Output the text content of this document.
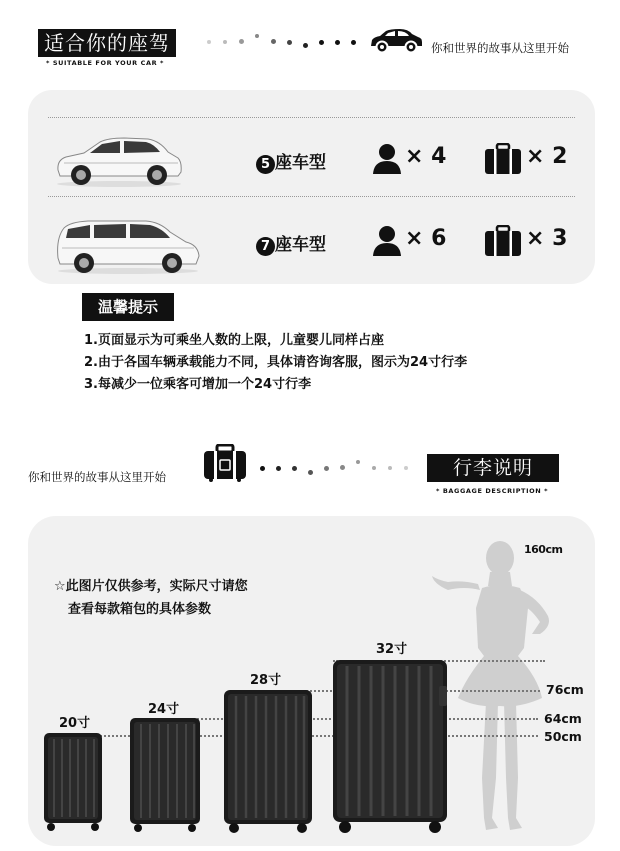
适合你的座驾
* SUITABLE FOR YOUR CAR *
你和世界的故事从这里开始
5 座车型	× 4	× 2
7 座车型	× 6	× 3
温馨提示
1.页面显示为可乘坐人数的上限，儿童婴儿同样占座
2.由于各国车辆承载能力不同，具体请咨询客服，图示为24寸行李
3.每减少一位乘客可增加一个24寸行李
你和世界的故事从这里开始	行李说明
* BAGGAGE DESCRIPTION *
☆此图片仅供参考，实际尺寸请您
查看每款箱包的具体参数
160cm
76cm
64cm
50cm
20寸
24寸
28寸
32寸
